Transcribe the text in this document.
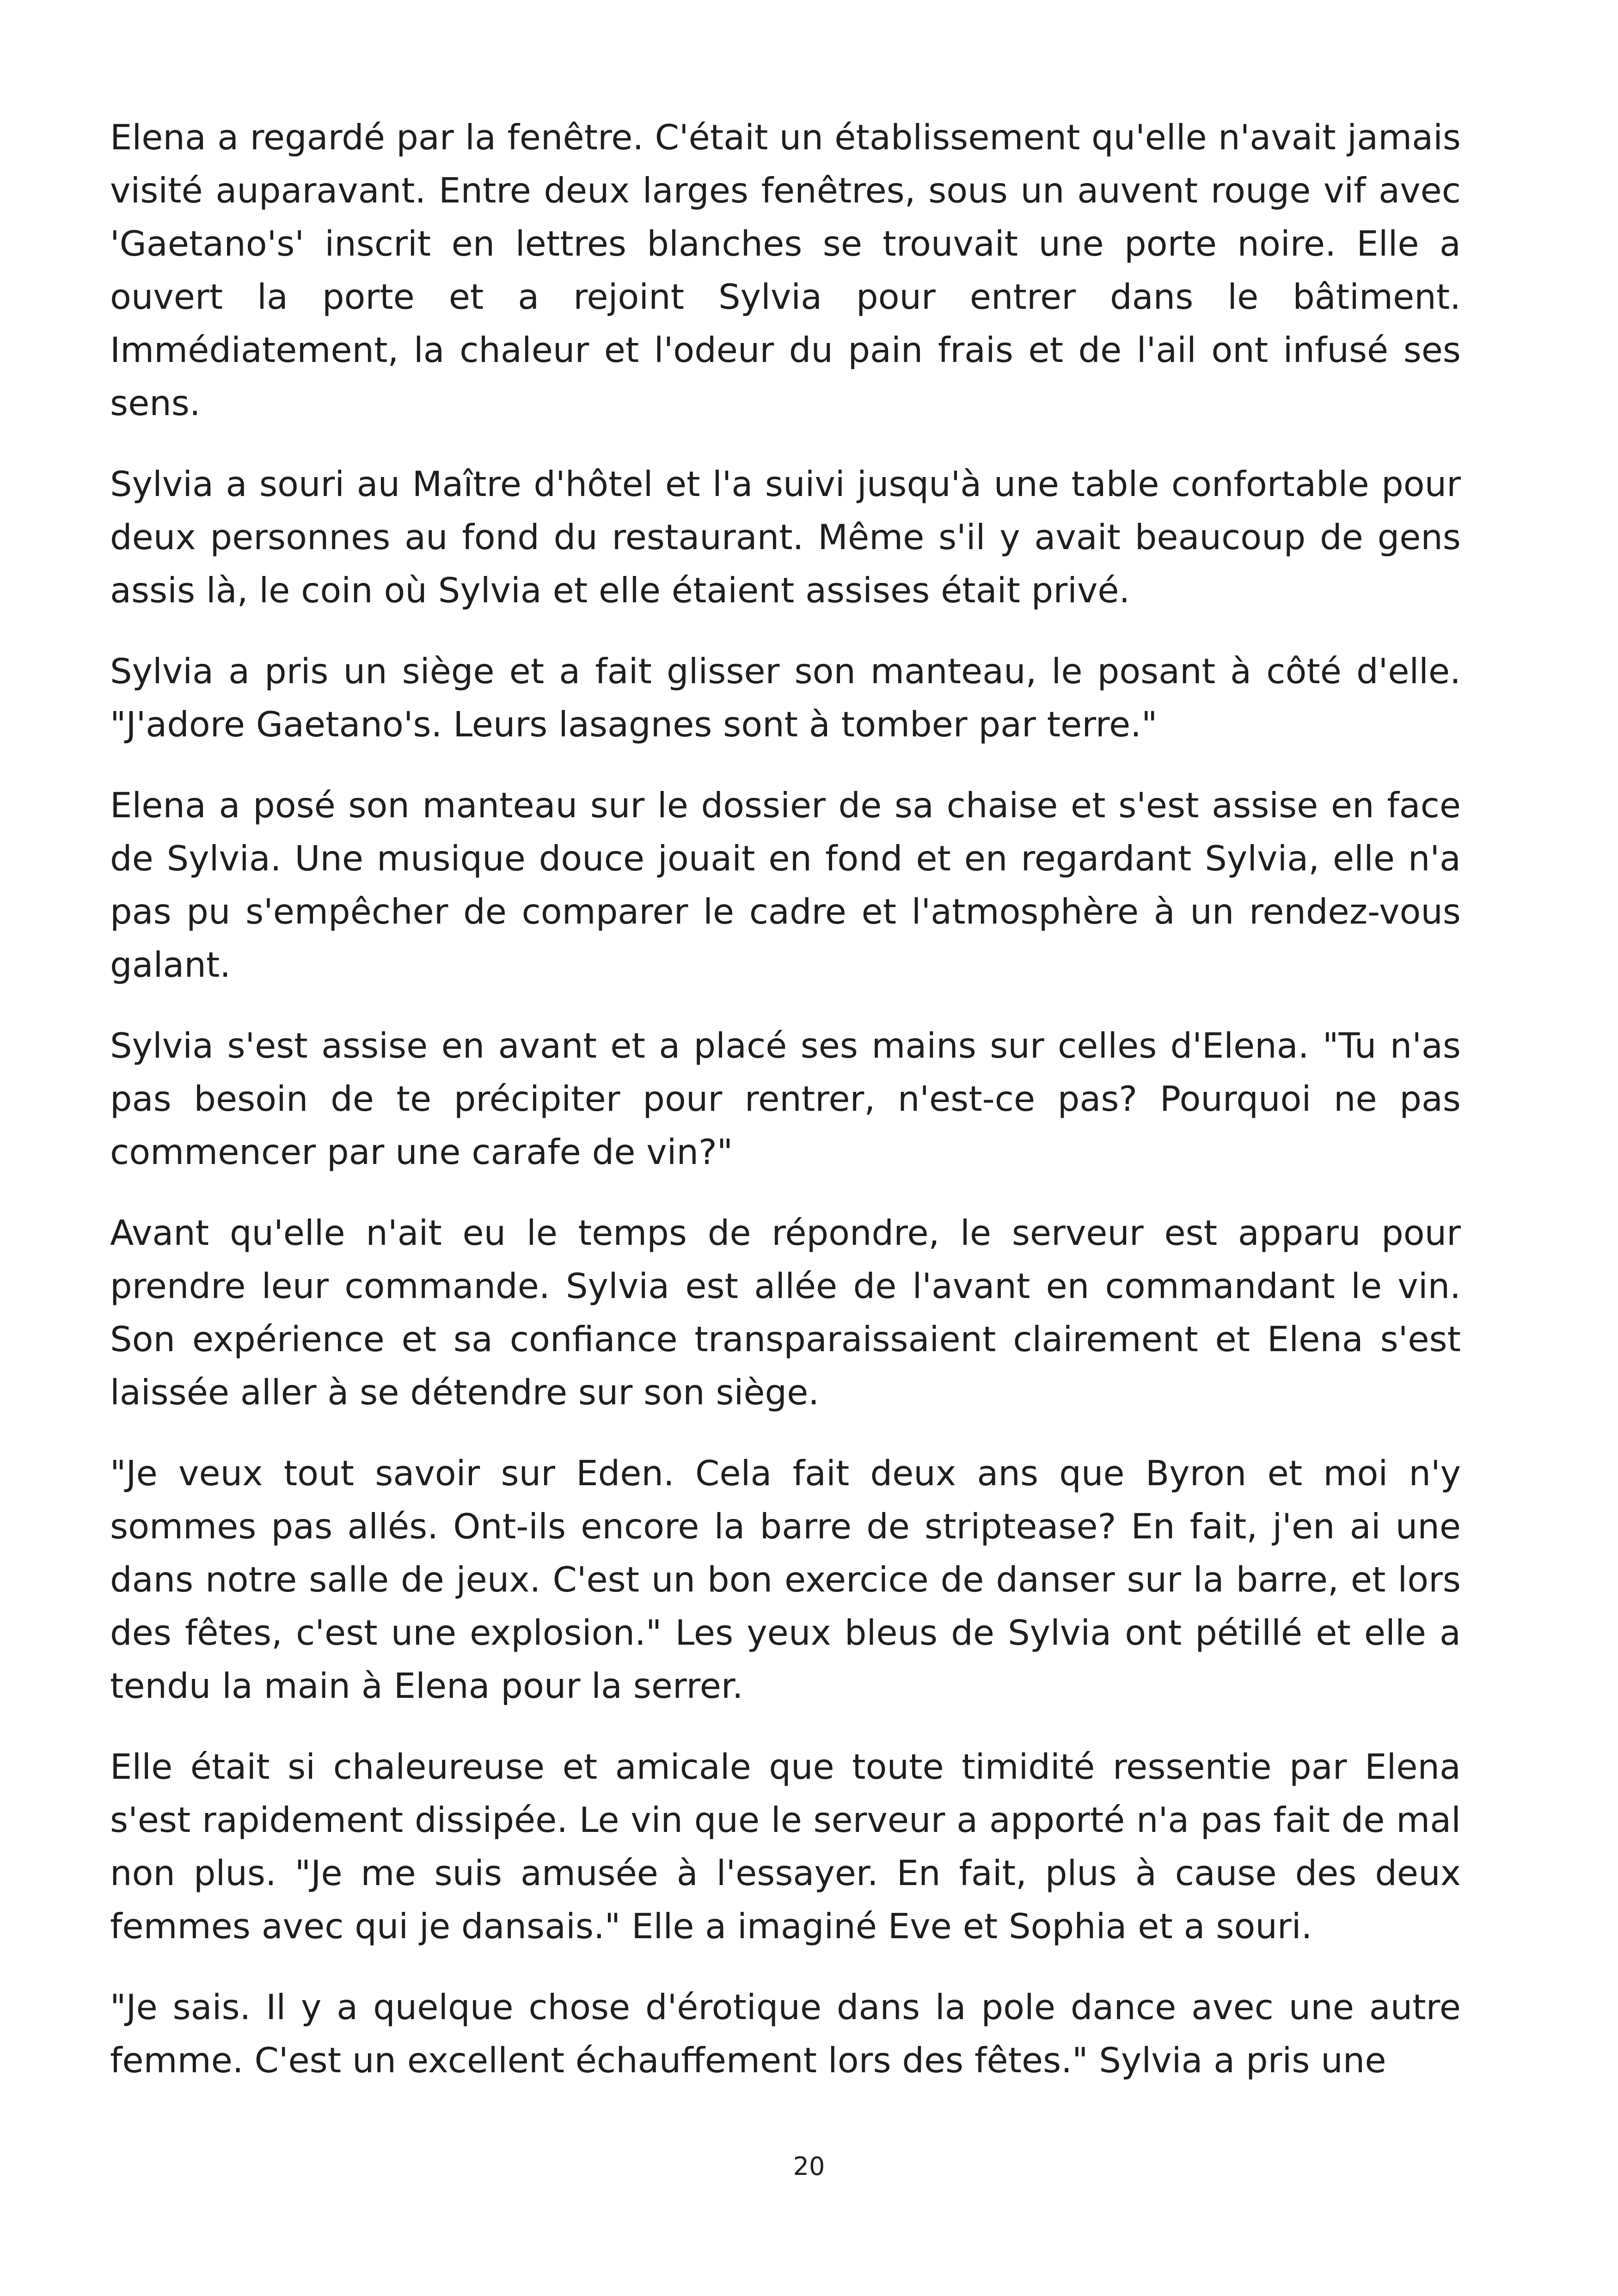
Elena a regardé par la fenêtre. C'était un établissement qu'elle n'avait jamais visité auparavant. Entre deux larges fenêtres, sous un auvent rouge vif avec 'Gaetano's' inscrit en lettres blanches se trouvait une porte noire. Elle a ouvert la porte et a rejoint Sylvia pour entrer dans le bâtiment. Immédiatement, la chaleur et l'odeur du pain frais et de l'ail ont infusé ses sens.

Sylvia a souri au Maître d'hôtel et l'a suivi jusqu'à une table confortable pour deux personnes au fond du restaurant. Même s'il y avait beaucoup de gens assis là, le coin où Sylvia et elle étaient assises était privé.

Sylvia a pris un siège et a fait glisser son manteau, le posant à côté d'elle. "J'adore Gaetano's. Leurs lasagnes sont à tomber par terre."

Elena a posé son manteau sur le dossier de sa chaise et s'est assise en face de Sylvia. Une musique douce jouait en fond et en regardant Sylvia, elle n'a pas pu s'empêcher de comparer le cadre et l'atmosphère à un rendez-vous galant.

Sylvia s'est assise en avant et a placé ses mains sur celles d'Elena. "Tu n'as pas besoin de te précipiter pour rentrer, n'est-ce pas? Pourquoi ne pas commencer par une carafe de vin?"

Avant qu'elle n'ait eu le temps de répondre, le serveur est apparu pour prendre leur commande. Sylvia est allée de l'avant en commandant le vin. Son expérience et sa confiance transparaissaient clairement et Elena s'est laissée aller à se détendre sur son siège.

"Je veux tout savoir sur Eden. Cela fait deux ans que Byron et moi n'y sommes pas allés. Ont-ils encore la barre de striptease? En fait, j'en ai une dans notre salle de jeux. C'est un bon exercice de danser sur la barre, et lors des fêtes, c'est une explosion." Les yeux bleus de Sylvia ont pétillé et elle a tendu la main à Elena pour la serrer.

Elle était si chaleureuse et amicale que toute timidité ressentie par Elena s'est rapidement dissipée. Le vin que le serveur a apporté n'a pas fait de mal non plus. "Je me suis amusée à l'essayer. En fait, plus à cause des deux femmes avec qui je dansais." Elle a imaginé Eve et Sophia et a souri.

"Je sais. Il y a quelque chose d'érotique dans la pole dance avec une autre femme. C'est un excellent échauffement lors des fêtes." Sylvia a pris une

20
